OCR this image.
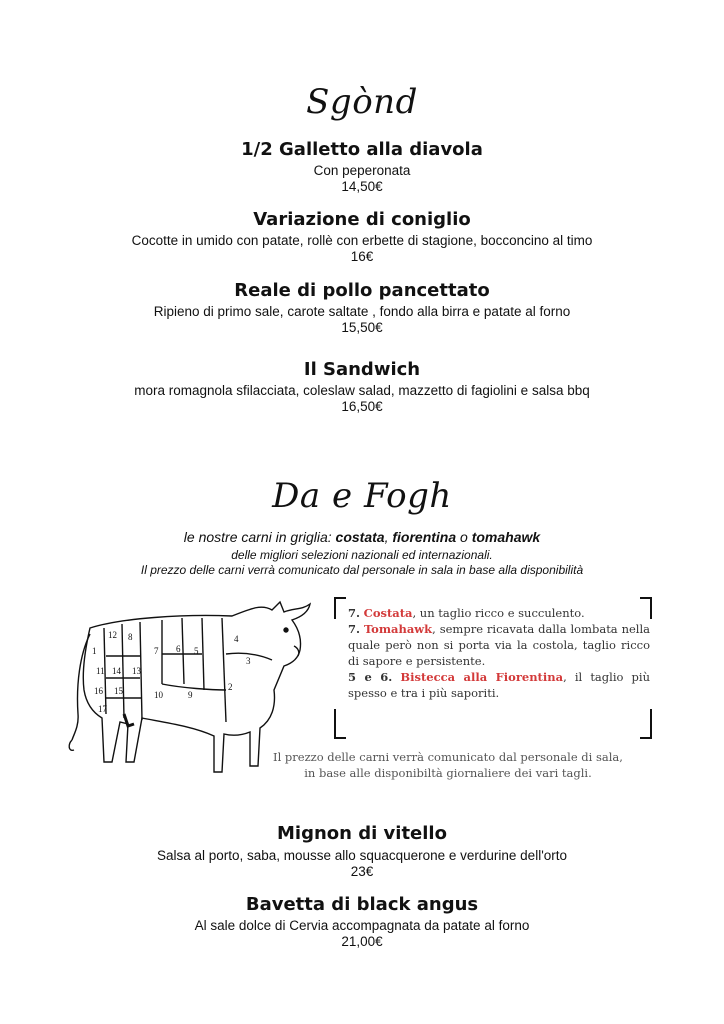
Sgònd
1/2 Galletto alla diavola
Con peperonata
14,50€
Variazione di coniglio
Cocotte in umido con patate, rollè con erbette di stagione, bocconcino al timo
16€
Reale di pollo pancettato
Ripieno di primo sale, carote saltate , fondo alla birra e patate al forno
15,50€
Il Sandwich
mora romagnola sfilacciata, coleslaw salad, mazzetto di fagiolini e salsa bbq
16,50€
Da e Fogh
le nostre carni in griglia: costata, fiorentina o tomahawk
delle migliori selezioni nazionali ed internazionali.
Il prezzo delle carni verrà comunicato dal personale in sala in base alla disponibilità
12 8
7 6 5
4
3
2
9
10
13
14
15
16
17
11
1
7. Costata, un taglio ricco e succulento.
7. Tomahawk, sempre ricavata dalla lombata nella quale però non si porta via la costola, taglio ricco di sapore e persistente.
5 e 6. Bistecca alla Fiorentina, il taglio più spesso e tra i più saporiti.
Il prezzo delle carni verrà comunicato dal personale di sala,
in base alle disponibiltà giornaliere dei vari tagli.
Mignon di vitello
Salsa al porto, saba, mousse allo squacquerone e verdurine dell'orto
23€
Bavetta di black angus
Al sale dolce di Cervia accompagnata da patate al forno
21,00€
